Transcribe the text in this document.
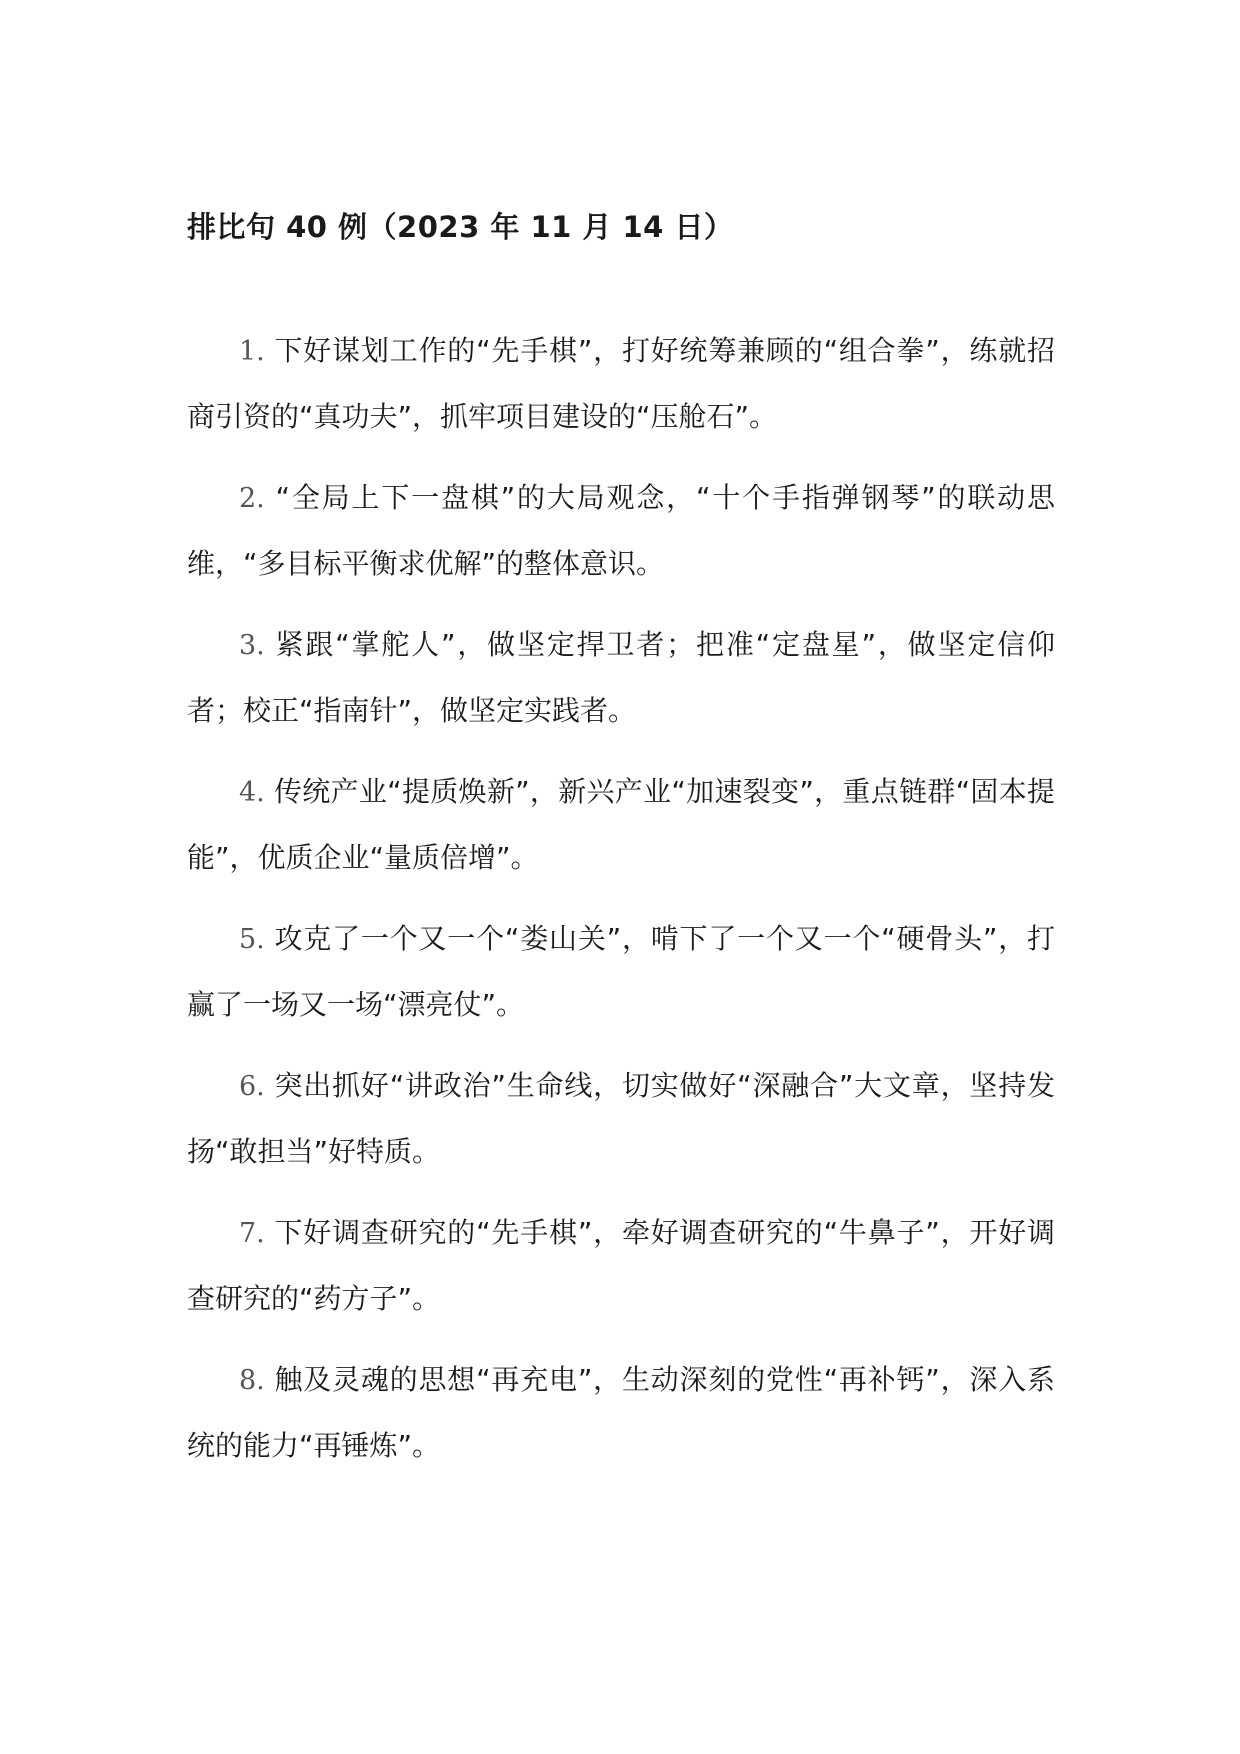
排比句 40 例（2023 年 11 月 14 日）

1. 下好谋划工作的“先手棋”，打好统筹兼顾的“组合拳”，练就招商引资的“真功夫”，抓牢项目建设的“压舱石”。

2. “全局上下一盘棋”的大局观念，“十个手指弹钢琴”的联动思维，“多目标平衡求优解”的整体意识。

3. 紧跟“掌舵人”，做坚定捍卫者；把准“定盘星”，做坚定信仰者；校正“指南针”，做坚定实践者。

4. 传统产业“提质焕新”，新兴产业“加速裂变”，重点链群“固本提能”，优质企业“量质倍增”。

5. 攻克了一个又一个“娄山关”，啃下了一个又一个“硬骨头”，打赢了一场又一场“漂亮仗”。

6. 突出抓好“讲政治”生命线，切实做好“深融合”大文章，坚持发扬“敢担当”好特质。

7. 下好调查研究的“先手棋”，牵好调查研究的“牛鼻子”，开好调查研究的“药方子”。

8. 触及灵魂的思想“再充电”，生动深刻的党性“再补钙”，深入系统的能力“再锤炼”。
